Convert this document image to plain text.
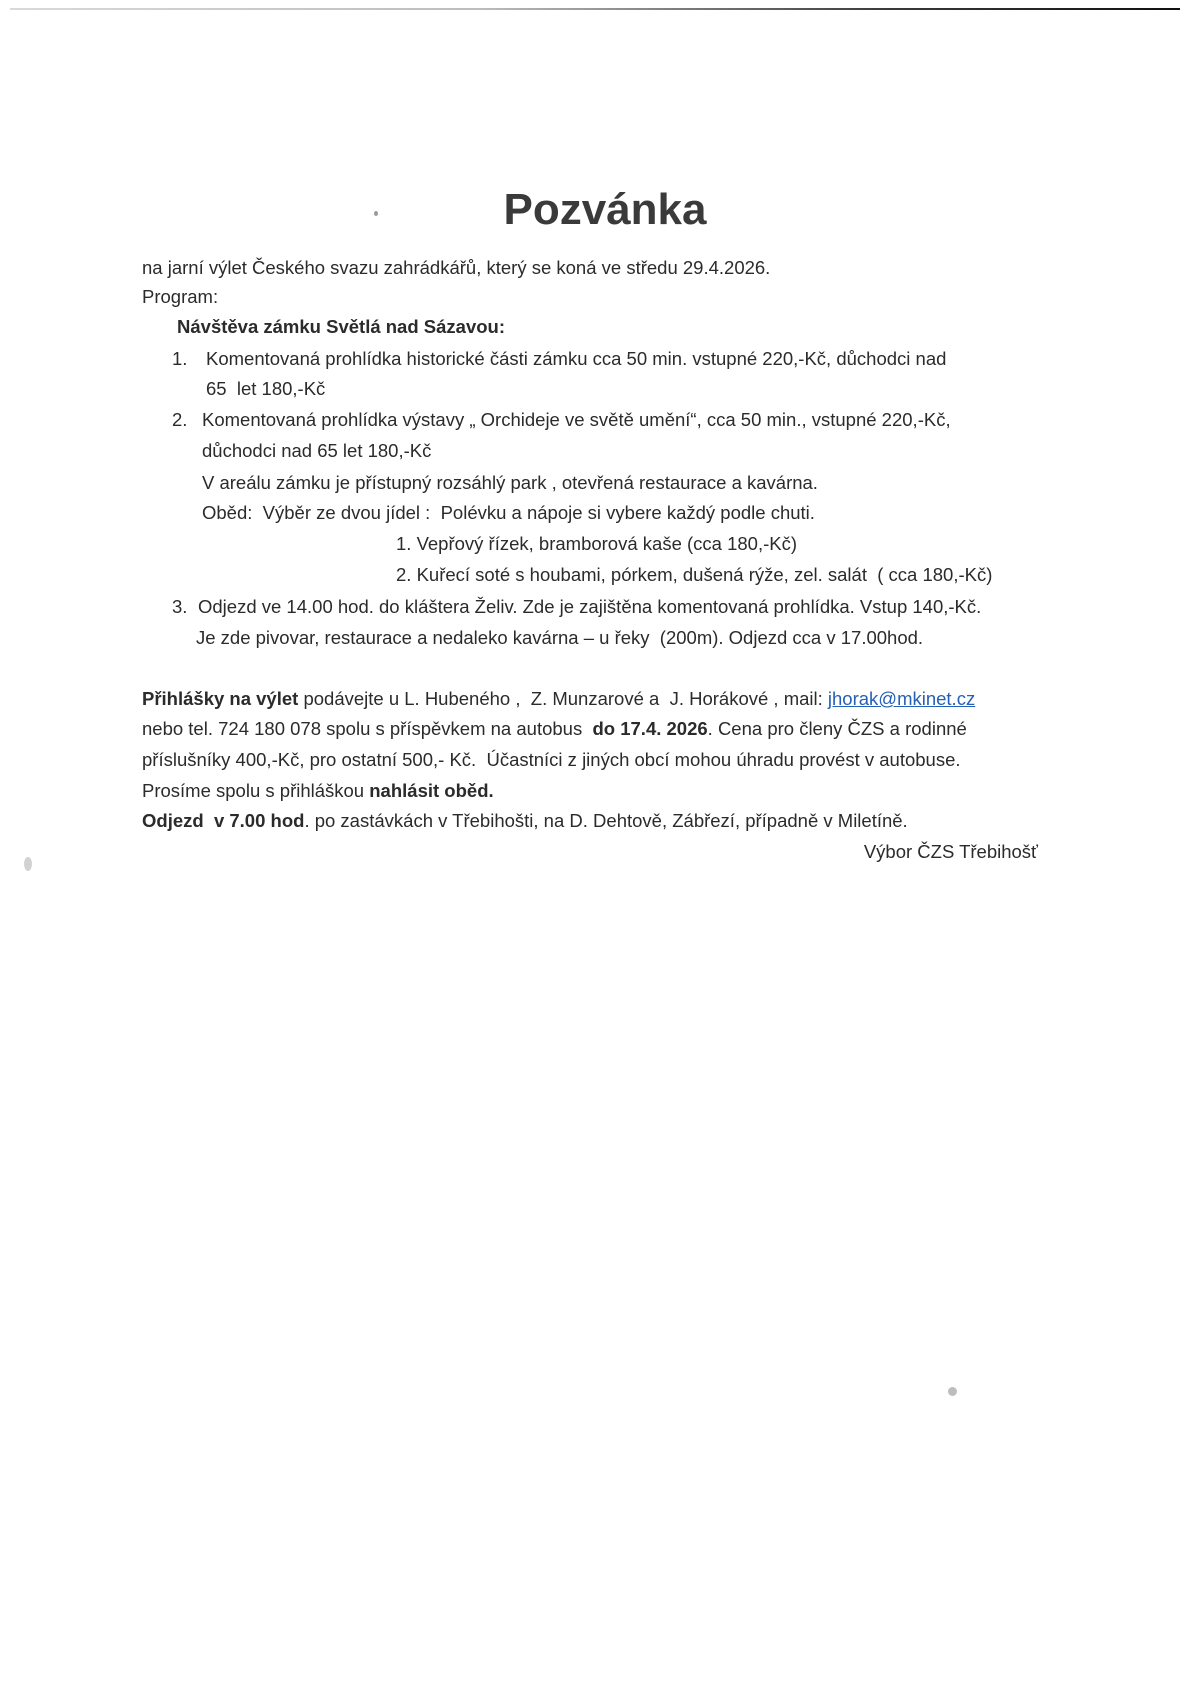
Pozvánka
na jarní výlet Českého svazu zahrádkářů, který se koná ve středu 29.4.2026.
Program:
Návštěva zámku Světlá nad Sázavou:
1. Komentovaná prohlídka historické části zámku cca 50 min. vstupné 220,-Kč, důchodci nad
65  let 180,-Kč
2. Komentovaná prohlídka výstavy „ Orchideje ve světě umění“, cca 50 min., vstupné 220,-Kč,
důchodci nad 65 let 180,-Kč
V areálu zámku je přístupný rozsáhlý park , otevřená restaurace a kavárna.
Oběd:  Výběr ze dvou jídel :  Polévku a nápoje si vybere každý podle chuti.
1. Vepřový řízek, bramborová kaše (cca 180,-Kč)
2. Kuřecí soté s houbami, pórkem, dušená rýže, zel. salát  ( cca 180,-Kč)
3. Odjezd ve 14.00 hod. do kláštera Želiv. Zde je zajištěna komentovaná prohlídka. Vstup 140,-Kč.
Je zde pivovar, restaurace a nedaleko kavárna – u řeky  (200m). Odjezd cca v 17.00hod.
Přihlášky na výlet podávejte u L. Hubeného ,  Z. Munzarové a  J. Horákové , mail: jhorak@mkinet.cz
nebo tel. 724 180 078 spolu s příspěvkem na autobus  do 17.4. 2026. Cena pro členy ČZS a rodinné
příslušníky 400,-Kč, pro ostatní 500,- Kč.  Účastníci z jiných obcí mohou úhradu provést v autobuse.
Prosíme spolu s přihláškou nahlásit oběd.
Odjezd  v 7.00 hod. po zastávkách v Třebihošti, na D. Dehtově, Zábřezí, případně v Miletíně.
Výbor ČZS Třebihošť
